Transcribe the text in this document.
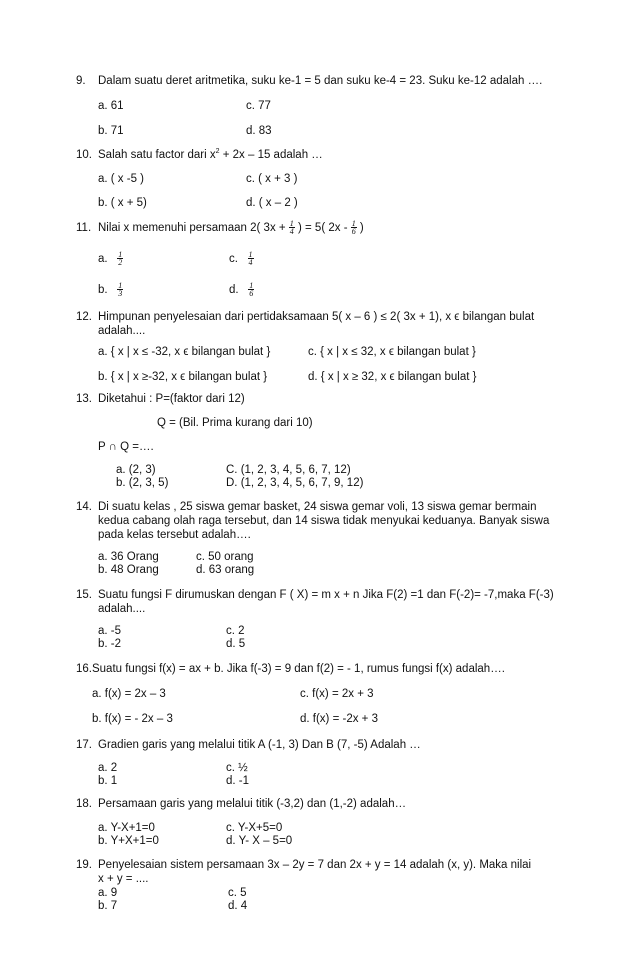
9. Dalam suatu deret aritmetika, suku ke-1 = 5 dan suku ke-4 = 23. Suku ke-12 adalah ….
a. 61	c. 77
b. 71	d. 83
10. Salah satu factor dari $x^2 + 2x - 15$ adalah …
a. ( x -5 )	c. ( x + 3 )
b. ( x + 5)	d. ( x – 2 )
11. Nilai x memenuhi persamaan 2( $3x + \frac{1}{4}$ ) = 5( $2x - \frac{1}{6}$ )
a. $\frac{1}{2}$	c. $\frac{1}{4}$
b. $\frac{1}{3}$	d. $\frac{1}{6}$
12. Himpunan penyelesaian dari pertidaksamaan 5( x – 6 ) ≤ 2( 3x + 1), x ϵ bilangan bulat
adalah....
a. { x | x ≤ -32, x ϵ bilangan bulat }	c. { x | x ≤ 32, x ϵ bilangan bulat }
b. { x | x ≥-32, x ϵ bilangan bulat }	d. { x | x ≥ 32, x ϵ bilangan bulat }
13. Diketahui : P=(faktor dari 12)
Q = (Bil. Prima kurang dari 10)
P ∩ Q =….
a. (2, 3)	C. (1, 2, 3, 4, 5, 6, 7, 12)
b. (2, 3, 5)	D. (1, 2, 3, 4, 5, 6, 7, 9, 12)
14. Di suatu kelas , 25 siswa gemar basket, 24 siswa gemar voli, 13 siswa gemar bermain
kedua cabang olah raga tersebut, dan 14 siswa tidak menyukai keduanya. Banyak siswa
pada kelas tersebut adalah….
a. 36 Orang	c. 50 orang
b. 48 Orang	d. 63 orang
15. Suatu fungsi F dirumuskan dengan F ( X) = m x + n Jika F(2) =1 dan F(-2)= -7,maka F(-3)
adalah....
a. -5	c. 2
b. -2	d. 5
16.Suatu fungsi f(x) = ax + b. Jika f(-3) = 9 dan f(2) = - 1, rumus fungsi f(x) adalah….
a. f(x) = 2x – 3	c. f(x) = 2x + 3
b. f(x) = - 2x – 3	d. f(x) = -2x + 3
17. Gradien garis yang melalui titik A (-1, 3) Dan B (7, -5) Adalah …
a. 2	c. ½
b. 1	d. -1
18. Persamaan garis yang melalui titik (-3,2) dan (1,-2) adalah…
a. Y-X+1=0	c. Y-X+5=0
b. Y+X+1=0	d. Y- X – 5=0
19. Penyelesaian sistem persamaan 3x – 2y = 7 dan 2x + y = 14 adalah (x, y). Maka nilai
x + y = ....
a. 9	c. 5
b. 7	d. 4
